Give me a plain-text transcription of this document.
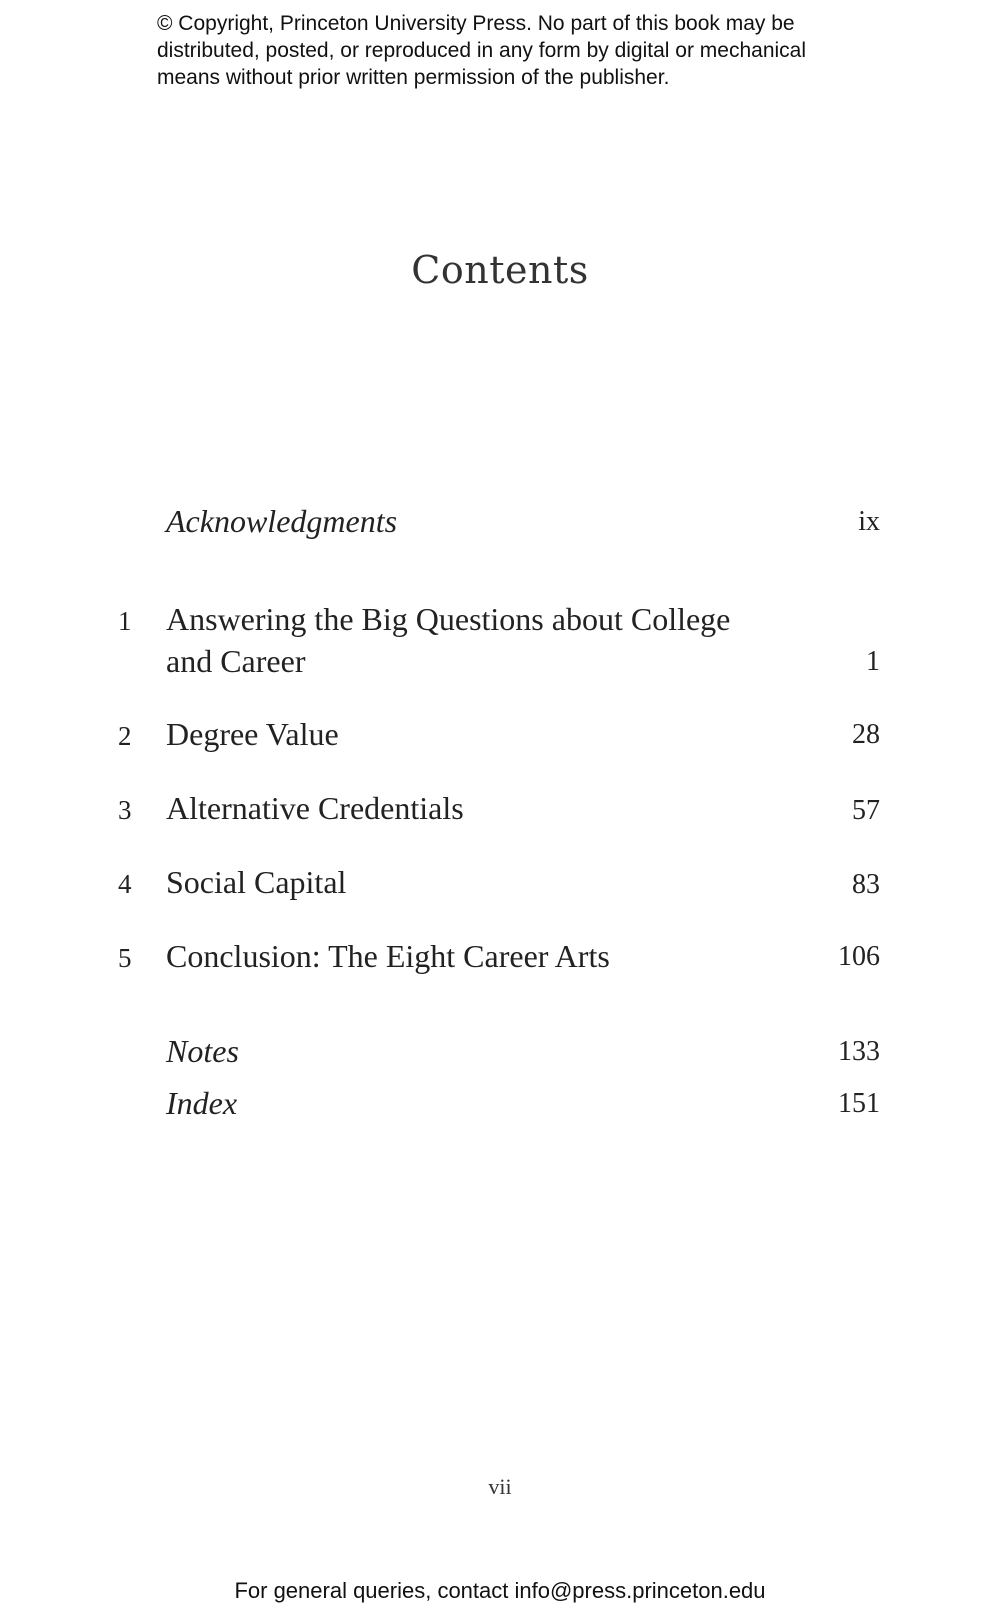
© Copyright, Princeton University Press. No part of this book may be
distributed, posted, or reproduced in any form by digital or mechanical
means without prior written permission of the publisher.
Contents
Acknowledgments	ix
1 Answering the Big Questions about College
and Career	1
2 Degree Value	28
3 Alternative Credentials	57
4 Social Capital	83
5 Conclusion: The Eight Career Arts	106
Notes	133
Index	151
vii
For general queries, contact info@press.princeton.edu
